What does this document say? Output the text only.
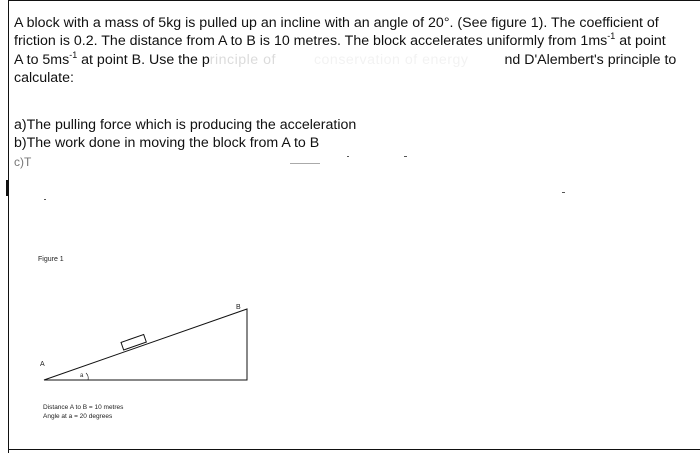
A block with a mass of 5kg is pulled up an incline with an angle of 20°. (See figure 1). The coefficient of

friction is 0.2. The distance from A to B is 10 metres. The block accelerates uniformly from $1ms^{-1}$ at point

A to $5ms^{-1}$ at point B. Use the principle of	conservation of energy	nd D'Alembert's principle to

calculate:

a)The pulling force which is producing the acceleration

b)The work done in moving the block from A to B

c)T

Figure 1
A
B
a

Distance A to B = 10 metres

Angle at a = 20 degrees
